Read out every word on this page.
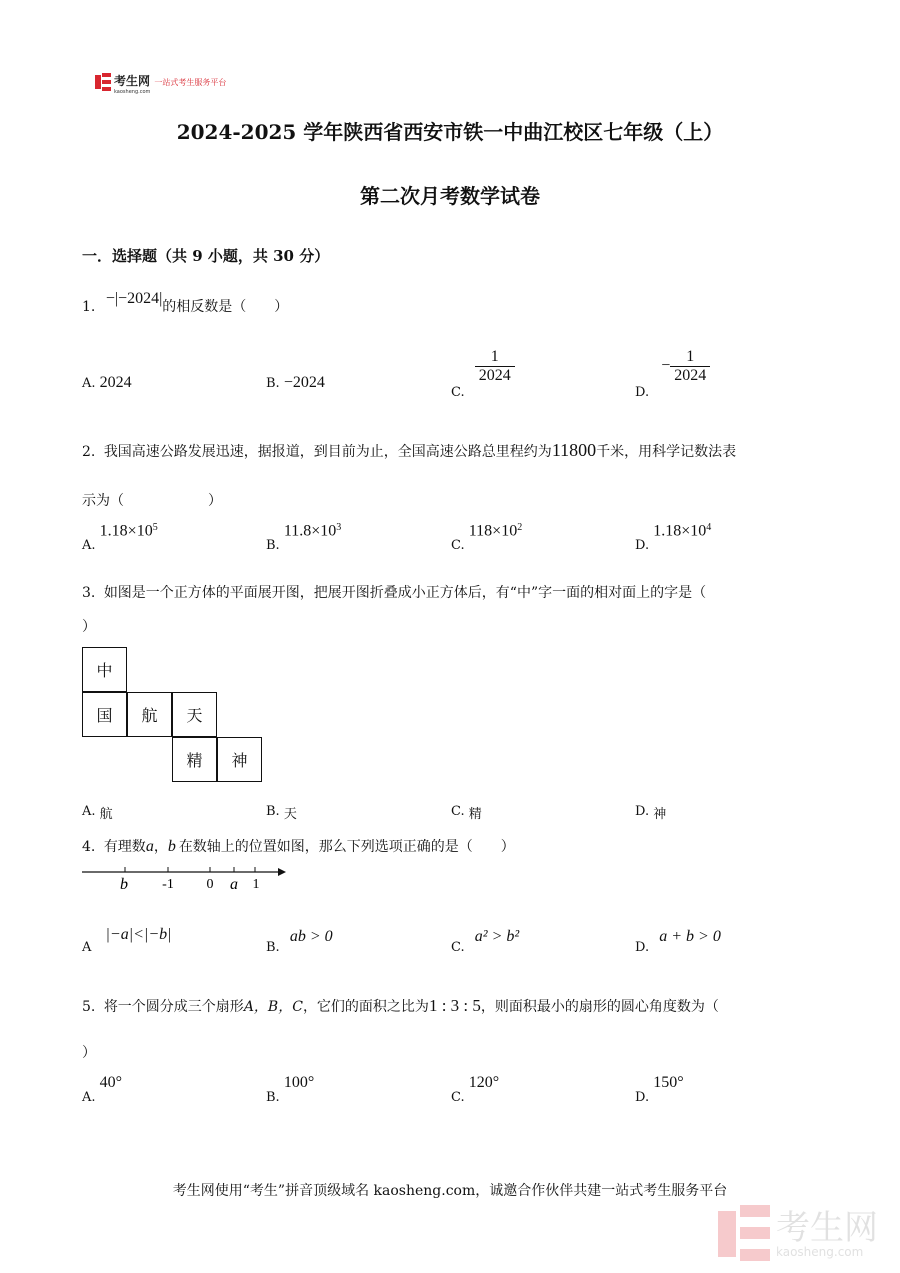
考生网
kaosheng.com
一站式考生服务平台
2024-2025 学年陕西省西安市铁一中曲江校区七年级（上）
第二次月考数学试卷
一．选择题（共 9 小题，共 30 分）
1. −|−2024|的相反数是（　　）
A. 2024	B. −2024
C.
$\frac{1}{2024}$
D. − $\frac{1}{2024}$
2. 我国高速公路发展迅速，据报道，到目前为止，全国高速公路总里程约为11800千米，用科学记数法表
示为（　　　　　　）
A. $1.18\times 10^5$
B. $11.8\times 10^3$
C. $118\times 10^2$
D. $1.18\times 10^4$
3. 如图是一个正方体的平面展开图，把展开图折叠成小正方体后，有“中”字一面的相对面上的字是（
）
中
国	航	天
精	神
A. 航	B. 天	C. 精	D. 神
4. 有理数a，b 在数轴上的位置如图，那么下列选项正确的是（　　）
b -1 0 a 1
A |−a|<|−b|
B. ab > 0
C. a² > b²
D. a + b > 0
5. 将一个圆分成三个扇形A，B，C，它们的面积之比为1 : 3 : 5，则面积最小的扇形的圆心角度数为（
）
A. 40°
B. 100°
C. 120°
D. 150°
考生网使用“考生”拼音顶级域名 kaosheng.com，诚邀合作伙伴共建一站式考生服务平台
考生网
kaosheng.com
